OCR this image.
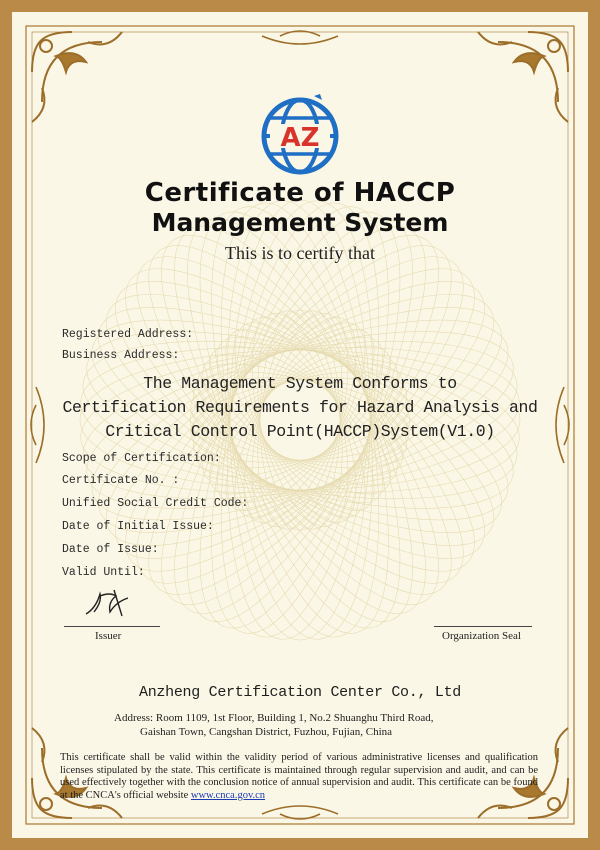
AZ
Certificate of HACCP
Management System
This is to certify that
Registered Address:
Business Address:
The Management System Conforms to
Certification Requirements for Hazard Analysis and
Critical Control Point(HACCP)System(V1.0)
Scope of Certification:
Certificate No. :
Unified Social Credit Code:
Date of Initial Issue:
Date of Issue:
Valid Until:
Issuer	Organization Seal
Anzheng Certification Center Co., Ltd
Address: Room 1109, 1st Floor, Building 1, No.2 Shuanghu Third Road,
Gaishan Town, Cangshan District, Fuzhou, Fujian, China
This certificate shall be valid within the validity period of various administrative licenses and qualification licenses stipulated by the state. This certificate is maintained through regular supervision and audit, and can be used effectively together with the conclusion notice of annual supervision and audit. This certificate can be found at the CNCA's official website www.cnca.gov.cn
